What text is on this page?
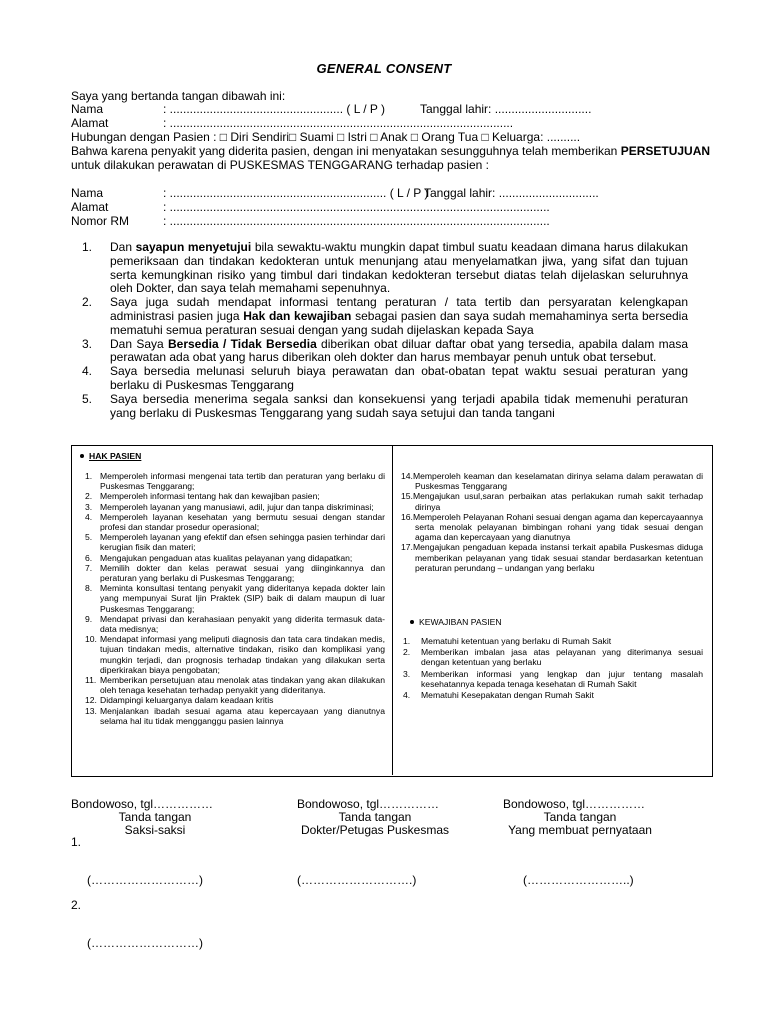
GENERAL CONSENT
Saya yang bertanda tangan dibawah ini:
Nama	: .................................................... ( L / P )	Tanggal lahir: .............................
Alamat	: .......................................................................................................
Hubungan dengan Pasien : □ Diri Sendiri□ Suami □ Istri □ Anak □ Orang Tua □ Keluarga: ..........
Bahwa karena penyakit yang diderita pasien, dengan ini menyatakan sesungguhnya telah memberikan PERSETUJUAN
untuk dilakukan perawatan di PUSKESMAS TENGGARANG terhadap pasien :
Nama	: ................................................................. ( L / P )
Tanggal lahir: ..............................
Alamat	: ..................................................................................................................
Nomor RM	: ..................................................................................................................

1. Dan sayapun menyetujui bila sewaktu-waktu mungkin dapat timbul suatu keadaan dimana harus dilakukan pemeriksaan dan tindakan kedokteran untuk menunjang atau menyelamatkan jiwa, yang sifat dan tujuan serta kemungkinan risiko yang timbul dari tindakan kedokteran tersebut diatas telah dijelaskan seluruhnya oleh Dokter, dan saya telah memahami sepenuhnya.

2. Saya juga sudah mendapat informasi tentang peraturan / tata tertib dan persyaratan kelengkapan administrasi pasien juga Hak dan kewajiban sebagai pasien dan saya sudah memahaminya serta bersedia mematuhi semua peraturan sesuai dengan yang sudah dijelaskan kepada Saya

3. Dan Saya Bersedia / Tidak Bersedia diberikan obat diluar daftar obat yang tersedia, apabila dalam masa perawatan ada obat yang harus diberikan oleh dokter dan harus membayar penuh untuk obat tersebut.

4. Saya bersedia melunasi seluruh biaya perawatan dan obat-obatan tepat waktu sesuai peraturan yang berlaku di Puskesmas Tenggarang

5. Saya bersedia menerima segala sanksi dan konsekuensi yang terjadi apabila tidak memenuhi peraturan yang berlaku di Puskesmas Tenggarang yang sudah saya setujui dan tanda tangani

HAK PASIEN
1. Memperoleh informasi mengenai tata tertib dan peraturan yang berlaku di Puskesmas Tenggarang;
2. Memperoleh informasi tentang hak dan kewajiban pasien;
3. Memperoleh layanan yang manusiawi, adil, jujur dan tanpa diskriminasi;
4. Memperoleh layanan kesehatan yang bermutu sesuai dengan standar profesi dan standar prosedur operasional;
5. Memperoleh layanan yang efektif dan efsen sehingga pasien terhindar dari kerugian fisik dan materi;
6. Mengajukan pengaduan atas kualitas pelayanan yang didapatkan;
7. Memilih dokter dan kelas perawat sesuai yang diinginkannya dan peraturan yang berlaku di Puskesmas Tenggarang;
8. Meminta konsultasi tentang penyakit yang dideritanya kepada dokter lain yang mempunyai Surat Ijin Praktek (SIP) baik di dalam maupun di luar Puskesmas Tenggarang;
9. Mendapat privasi dan kerahasiaan penyakit yang diderita termasuk data-data medisnya;
10. Mendapat informasi yang meliputi diagnosis dan tata cara tindakan medis, tujuan tindakan medis, alternative tindakan, risiko dan komplikasi yang mungkin terjadi, dan prognosis terhadap tindakan yang dilakukan serta diperkirakan biaya pengobatan;
11. Memberikan persetujuan atau menolak atas tindakan yang akan dilakukan oleh tenaga kesehatan terhadap penyakit yang dideritanya.
12. Didampingi keluarganya dalam keadaan kritis
13. Menjalankan ibadah sesuai agama atau kepercayaan yang dianutnya selama hal itu tidak mengganggu pasien lainnya
14.Memperoleh keaman dan keselamatan dirinya selama dalam perawatan di Puskesmas Tenggarang
15.Mengajukan usul,saran perbaikan atas perlakukan rumah sakit terhadap dirinya
16.Memperoleh Pelayanan Rohani sesuai dengan agama dan kepercayaannya serta menolak pelayanan bimbingan rohani yang tidak sesuai dengan agama dan kepercayaan yang dianutnya
17.Mengajukan pengaduan kepada instansi terkait apabila Puskesmas diduga memberikan pelayanan yang tidak sesuai standar berdasarkan ketentuan peraturan perundang – undangan yang berlaku
KEWAJIBAN PASIEN
1. Mematuhi ketentuan yang berlaku di Rumah Sakit
2. Memberikan imbalan jasa atas pelayanan yang diterimanya sesuai dengan ketentuan yang berlaku
3. Memberikan informasi yang lengkap dan jujur tentang masalah kesehatannya kepada tenaga kesehatan di Rumah Sakit
4. Mematuhi Kesepakatan dengan Rumah Sakit
Bondowoso, tgl……………
Tanda tangan
Saksi-saksi
1.
(………………………)
2.
(………………………)
Bondowoso, tgl……………
Tanda tangan
Dokter/Petugas Puskesmas
(……………………….)
Bondowoso, tgl……………
Tanda tangan
Yang membuat pernyataan
(……………………..)
